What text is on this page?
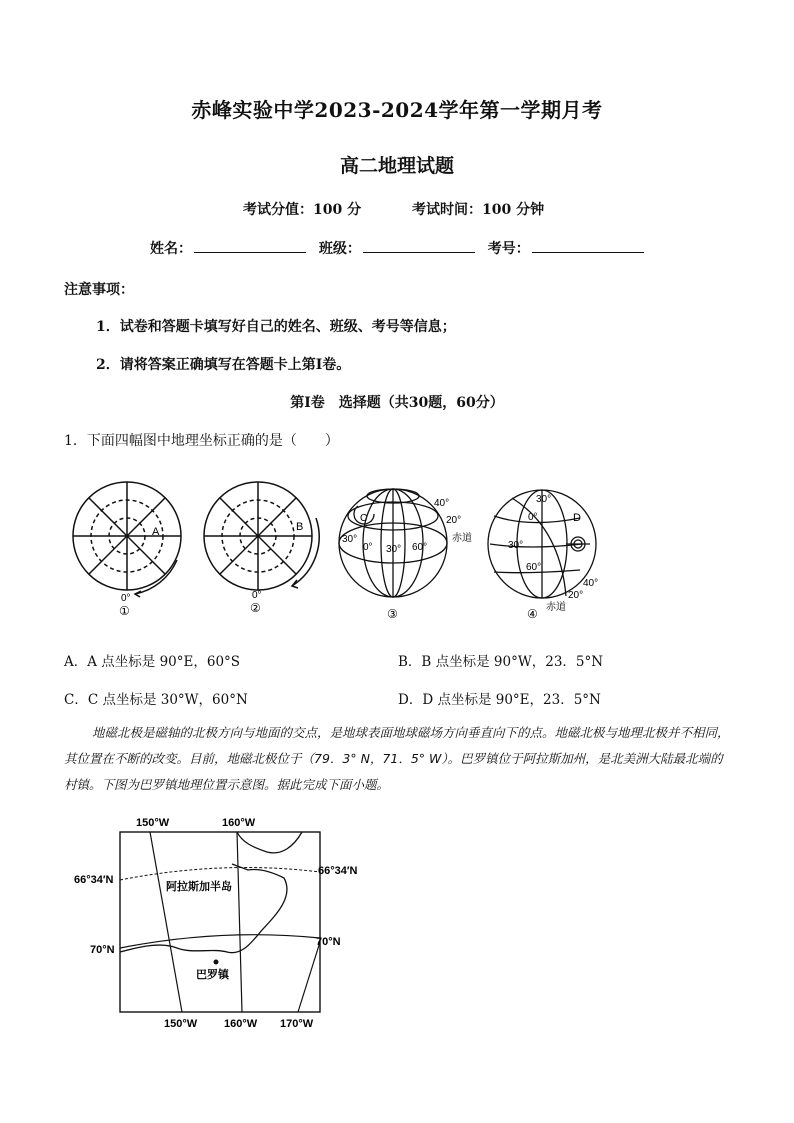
赤峰实验中学2023-2024学年第一学期月考
高二地理试题
考试分值：100 分	考试时间：100 分钟
姓名：	班级：	考号：
注意事项：
1．试卷和答题卡填写好自己的姓名、班级、考号等信息；
2．请将答案正确填写在答题卡上第Ⅰ卷。
第Ⅰ卷　选择题（共30题，60分）
1．下面四幅图中地理坐标正确的是（　　）
A
0°
①
B
0°
②
40°
20°
C
30°
0° 30° 60°
赤道
③
30°
0°
30°
60°
D
40°
20°
赤道
④
A．A 点坐标是 90°E，60°S	B．B 点坐标是 90°W，23．5°N
C．C 点坐标是 30°W，60°N	D．D 点坐标是 90°E，23．5°N

地磁北极是磁轴的北极方向与地面的交点，是地球表面地球磁场方向垂直向下的点。地磁北极与地理北极并不相同，其位置在不断的改变。目前，地磁北极位于（79．3° N，71．5° W）。巴罗镇位于阿拉斯加州，是北美洲大陆最北端的村镇。下图为巴罗镇地理位置示意图。据此完成下面小题。

150°W	160°W
66°34′N
66°34′N
70°N
70°N
阿拉斯加半岛
巴罗镇
150°W 160°W 170°W
